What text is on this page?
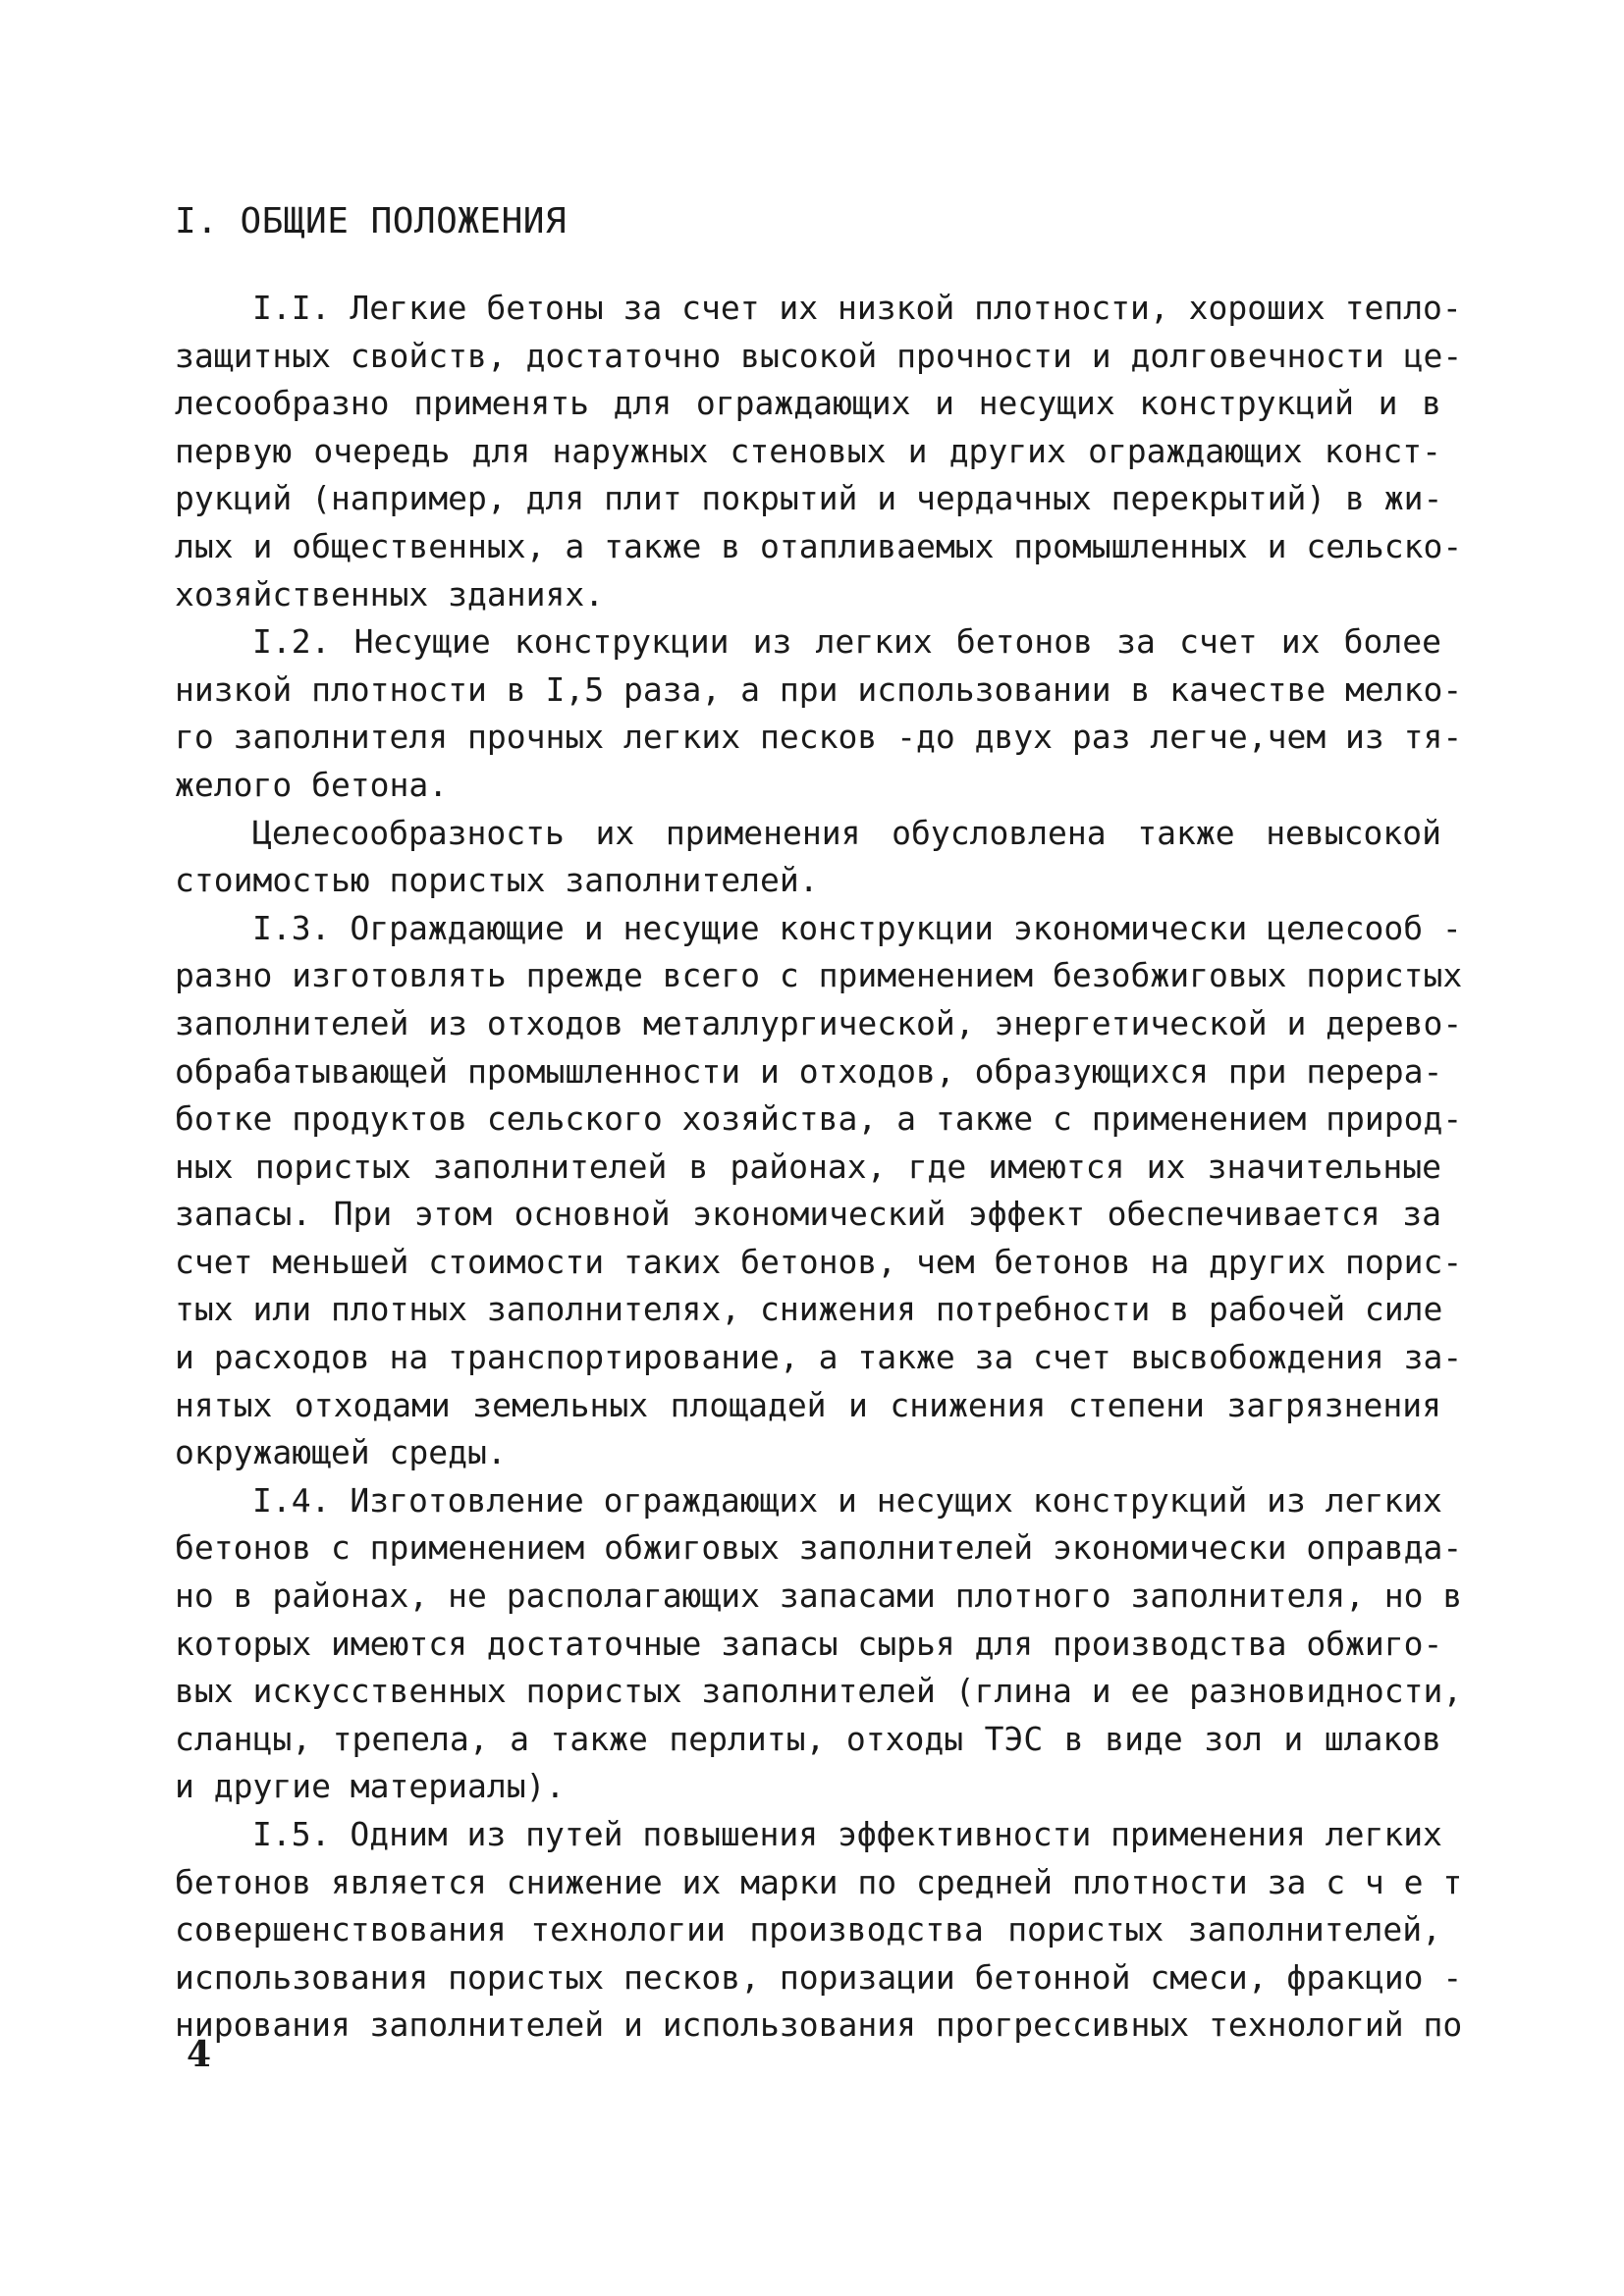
I. ОБЩИЕ ПОЛОЖЕНИЯ
I.I. Легкие бетоны за счет их низкой плотности, хороших тепло-
защитных свойств, достаточно высокой прочности и долговечности це-
лесообразно применять для ограждающих и несущих конструкций и в
первую очередь для наружных стеновых и других ограждающих конст-
рукций (например, для плит покрытий и чердачных перекрытий) в жи-
лых и общественных, а также в отапливаемых промышленных и сельско-
хозяйственных зданиях.
I.2. Несущие конструкции из легких бетонов за счет их более
низкой плотности в I,5 раза, а при использовании в качестве мелко-
го заполнителя прочных легких песков -до двух раз легче,чем из тя-
желого бетона.
Целесообразность их применения обусловлена также невысокой
стоимостью пористых заполнителей.
I.3. Ограждающие и несущие конструкции экономически целесооб -
разно изготовлять прежде всего с применением безобжиговых пористых
заполнителей из отходов металлургической, энергетической и дерево-
обрабатывающей промышленности и отходов, образующихся при перера-
ботке продуктов сельского хозяйства, а также с применением природ-
ных пористых заполнителей в районах, где имеются их значительные
запасы. При этом основной экономический эффект обеспечивается за
счет меньшей стоимости таких бетонов, чем бетонов на других порис-
тых или плотных заполнителях, снижения потребности в рабочей силе
и расходов на транспортирование, а также за счет высвобождения за-
нятых отходами земельных площадей и снижения степени загрязнения
окружающей среды.
I.4. Изготовление ограждающих и несущих конструкций из легких
бетонов с применением обжиговых заполнителей экономически оправда-
но в районах, не располагающих запасами плотного заполнителя, но в
которых имеются достаточные запасы сырья для производства обжиго-
вых искусственных пористых заполнителей (глина и ее разновидности,
сланцы, трепела, а также перлиты, отходы ТЭС в виде зол и шлаков
и другие материалы).
I.5. Одним из путей повышения эффективности применения легких
бетонов является снижение их марки по средней плотности за с ч е т
совершенствования технологии производства пористых заполнителей,
использования пористых песков, поризации бетонной смеси, фракцио -
нирования заполнителей и использования прогрессивных технологий по
4
